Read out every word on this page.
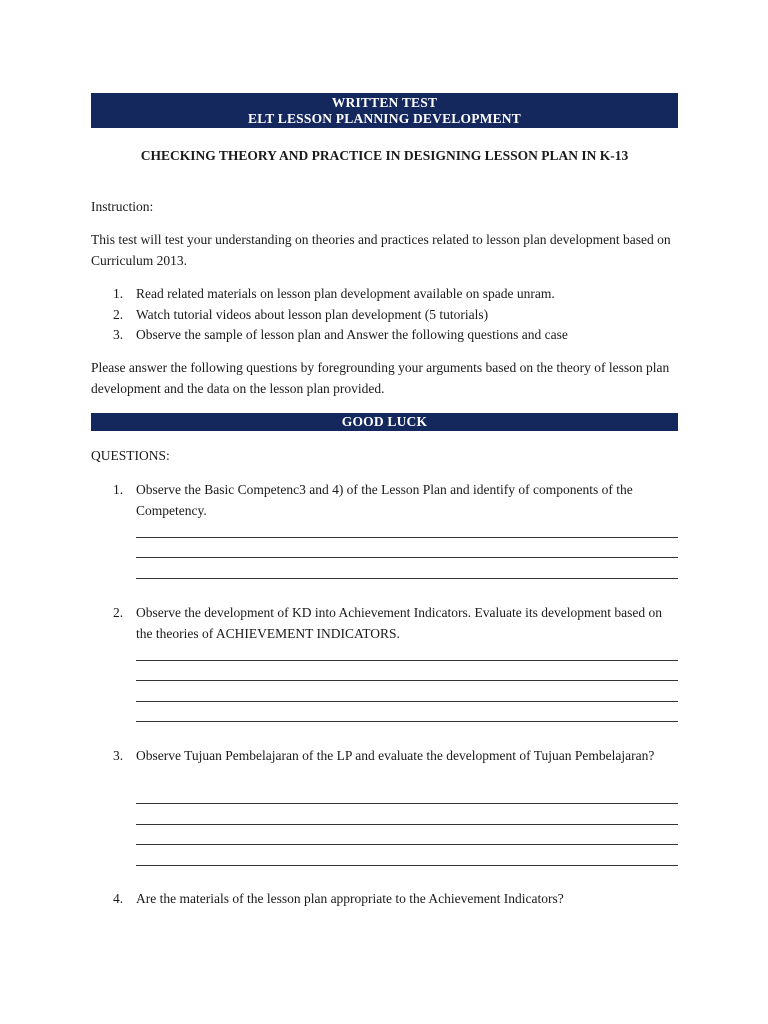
WRITTEN TEST
ELT LESSON PLANNING DEVELOPMENT
CHECKING THEORY AND PRACTICE IN DESIGNING LESSON PLAN IN K-13
Instruction:
This test will test your understanding on theories and practices related to lesson plan development based on Curriculum 2013.
1. Read related materials on lesson plan development available on spade unram.
2. Watch tutorial videos about lesson plan development (5 tutorials)
3. Observe the sample of lesson plan and Answer the following questions and case
Please answer the following questions by foregrounding your arguments based on the theory of lesson plan development and the data on the lesson plan provided.
GOOD LUCK
QUESTIONS:
1. Observe the Basic Competenc3 and 4) of the Lesson Plan and identify of components of the Competency.
2. Observe the development of KD into Achievement Indicators. Evaluate its development based on the theories of ACHIEVEMENT INDICATORS.
3. Observe Tujuan Pembelajaran of the LP and evaluate the development of Tujuan Pembelajaran?
4. Are the materials of the lesson plan appropriate to the Achievement Indicators?
